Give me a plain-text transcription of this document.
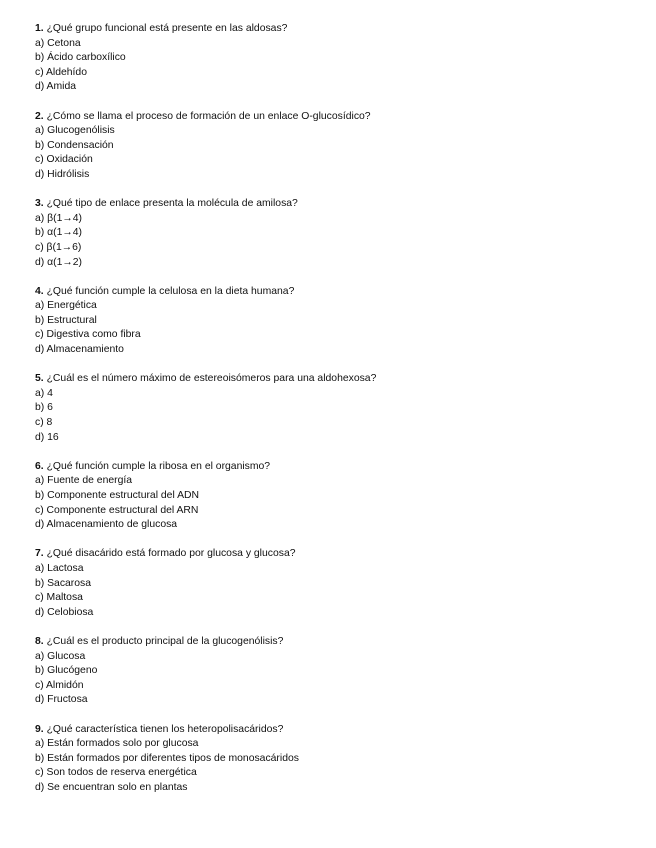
1. ¿Qué grupo funcional está presente en las aldosas?
a) Cetona
b) Ácido carboxílico
c) Aldehído
d) Amida
2. ¿Cómo se llama el proceso de formación de un enlace O-glucosídico?
a) Glucogenólisis
b) Condensación
c) Oxidación
d) Hidrólisis
3. ¿Qué tipo de enlace presenta la molécula de amilosa?
a) β(1→4)
b) α(1→4)
c) β(1→6)
d) α(1→2)
4. ¿Qué función cumple la celulosa en la dieta humana?
a) Energética
b) Estructural
c) Digestiva como fibra
d) Almacenamiento
5. ¿Cuál es el número máximo de estereoisómeros para una aldohexosa?
a) 4
b) 6
c) 8
d) 16
6. ¿Qué función cumple la ribosa en el organismo?
a) Fuente de energía
b) Componente estructural del ADN
c) Componente estructural del ARN
d) Almacenamiento de glucosa
7. ¿Qué disacárido está formado por glucosa y glucosa?
a) Lactosa
b) Sacarosa
c) Maltosa
d) Celobiosa
8. ¿Cuál es el producto principal de la glucogenólisis?
a) Glucosa
b) Glucógeno
c) Almidón
d) Fructosa
9. ¿Qué característica tienen los heteropolisacáridos?
a) Están formados solo por glucosa
b) Están formados por diferentes tipos de monosacáridos
c) Son todos de reserva energética
d) Se encuentran solo en plantas
